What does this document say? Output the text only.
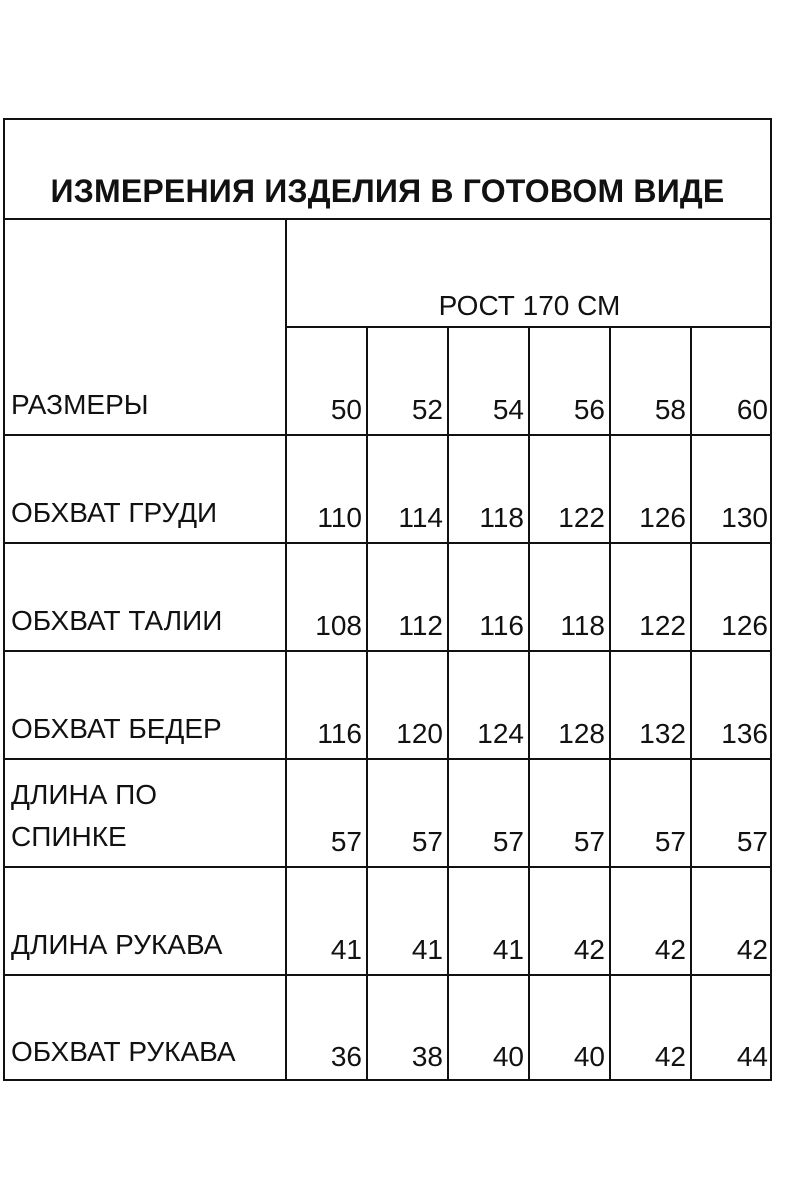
ИЗМЕРЕНИЯ ИЗДЕЛИЯ В ГОТОВОМ ВИДЕ
РОСТ 170 СМ
РАЗМЕРЫ	50	52	54	56	58	60
ОБХВАТ ГРУДИ	110	114	118	122	126	130
ОБХВАТ ТАЛИИ	108	112	116	118	122	126
ОБХВАТ БЕДЕР	116	120	124	128	132	136
ДЛИНА ПО
СПИНКЕ	57	57	57	57	57	57
ДЛИНА РУКАВА	41	41	41	42	42	42
ОБХВАТ РУКАВА	36	38	40	40	42	44
